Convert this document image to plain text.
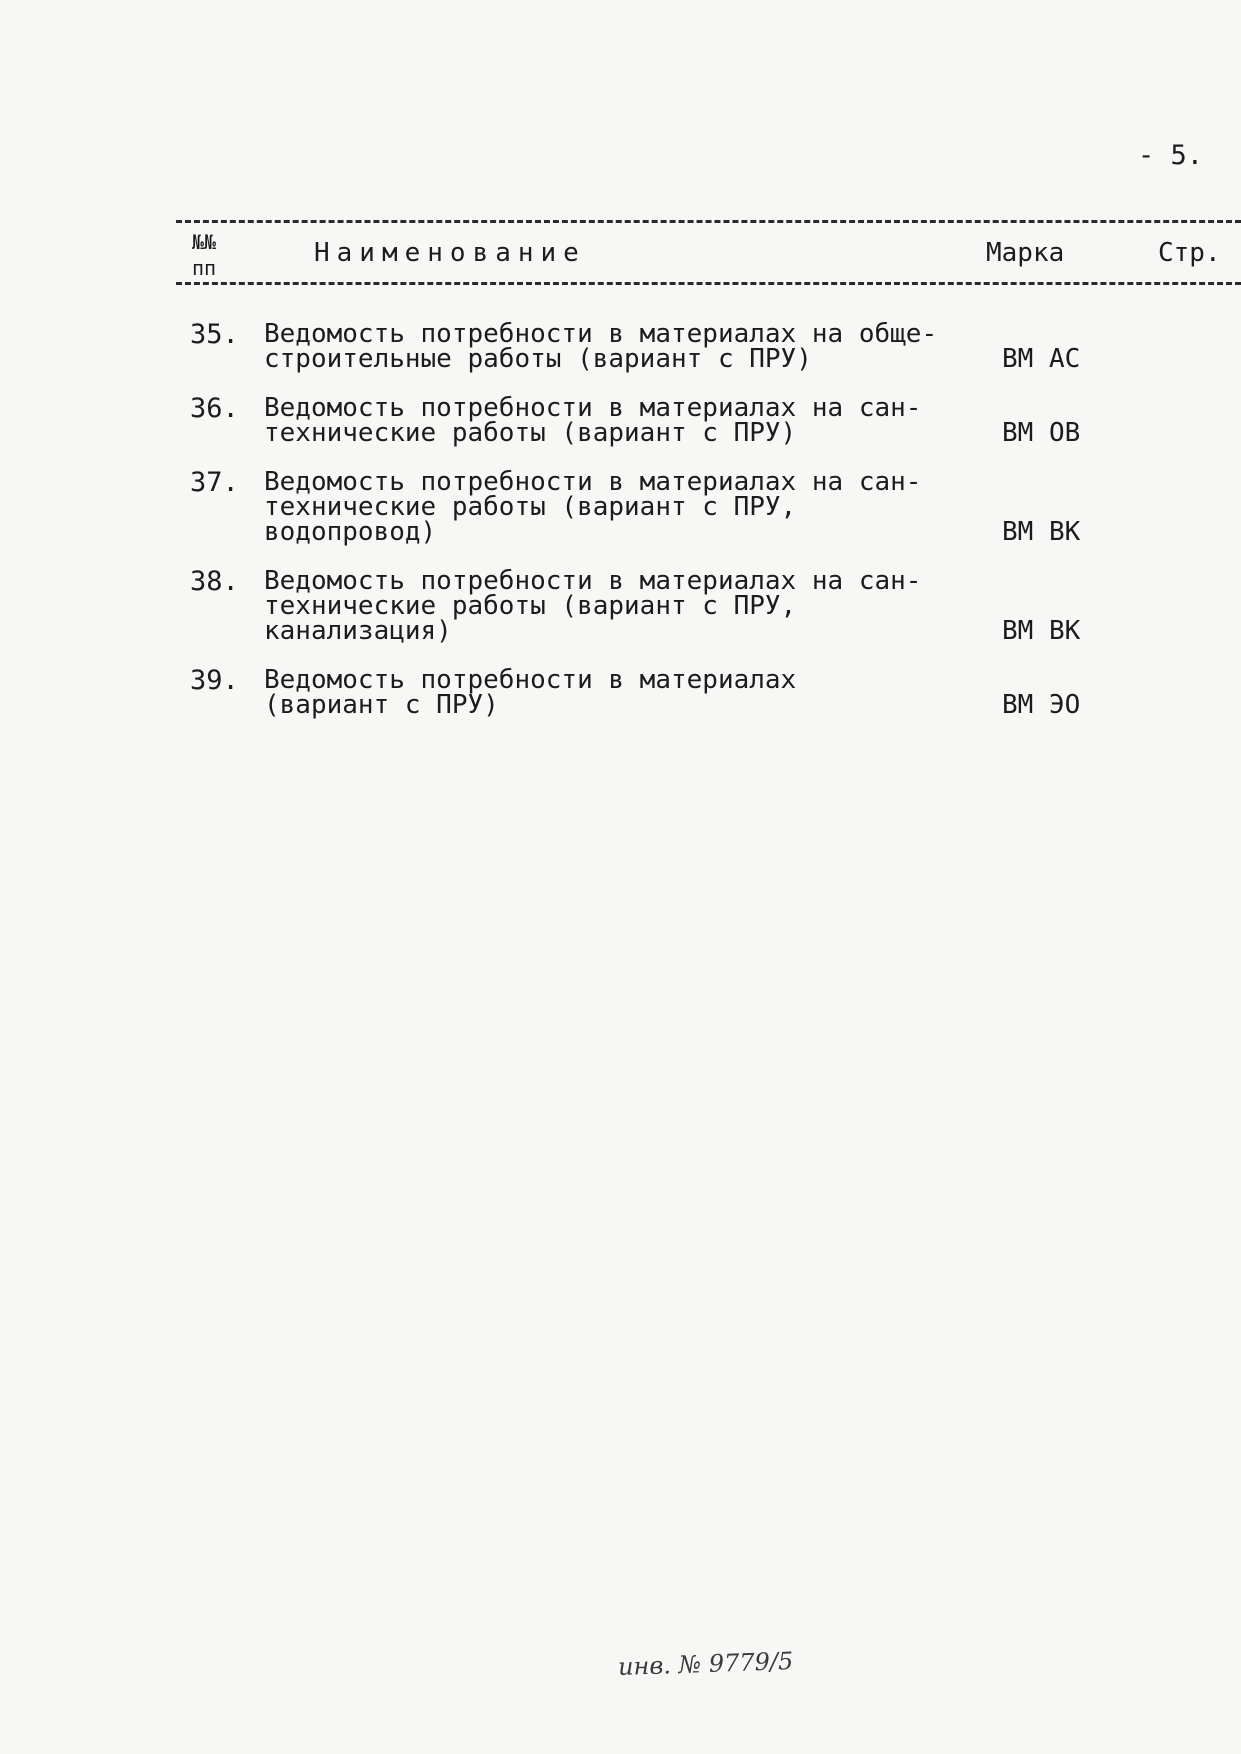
- 5.
№№
пп	Наименование	Марка	Стр.
35. Ведомость потребности в материалах на обще-
строительные работы (вариант с ПРУ)	ВМ АС
36. Ведомость потребности в материалах на сан-
технические работы (вариант с ПРУ)	ВМ ОВ
37. Ведомость потребности в материалах на сан-
технические работы (вариант с ПРУ, водопровод)	ВМ ВК
38. Ведомость потребности в материалах на сан-
технические работы (вариант с ПРУ,
канализация)	ВМ ВК
39. Ведомость потребности в материалах
(вариант с ПРУ)	ВМ ЭО
инв. № 9779/5
